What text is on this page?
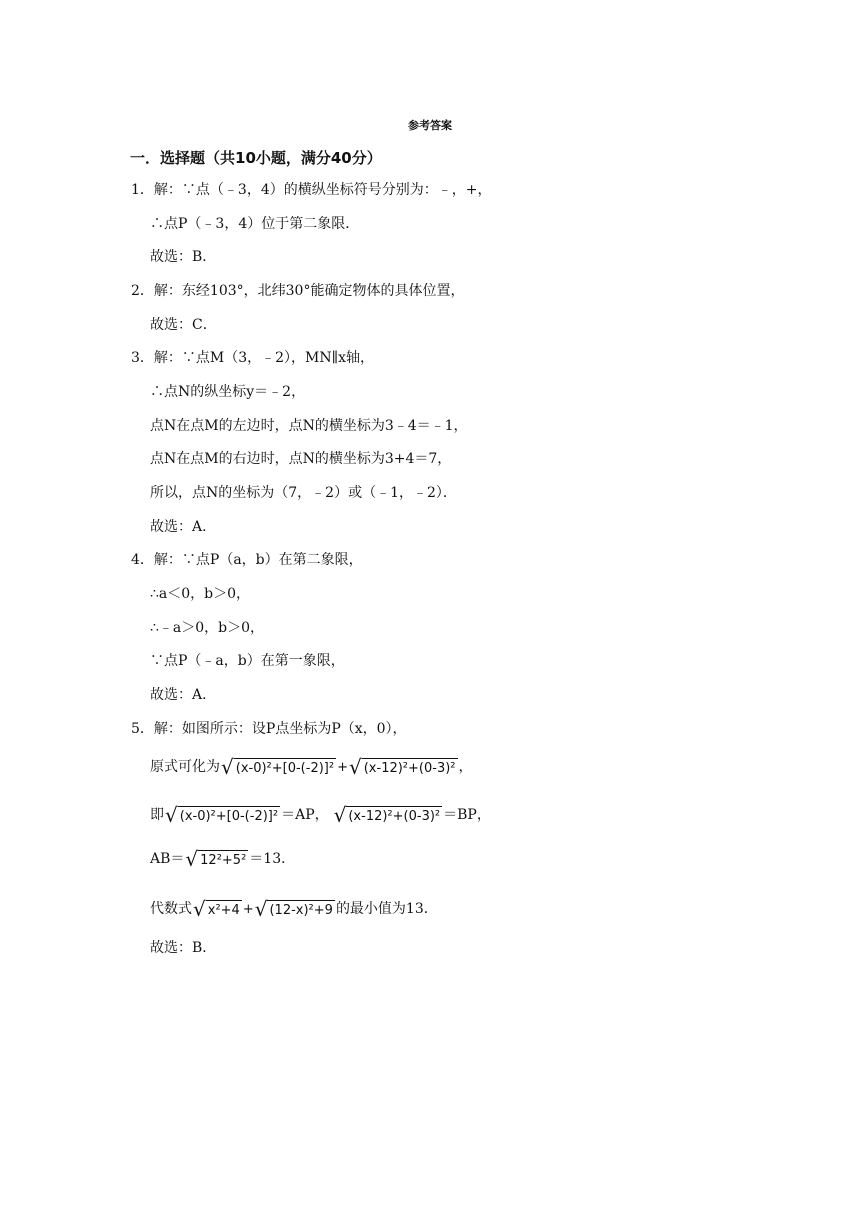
参考答案
一．选择题（共10小题，满分40分）
1．解：∵点（﹣3，4）的横纵坐标符号分别为：﹣，+，
∴点P（﹣3，4）位于第二象限．
故选：B．
2．解：东经103°，北纬30°能确定物体的具体位置，
故选：C．
3．解：∵点M（3，﹣2），MN∥x轴，
∴点N的纵坐标y＝﹣2，
点N在点M的左边时，点N的横坐标为3﹣4＝﹣1，
点N在点M的右边时，点N的横坐标为3+4＝7，
所以，点N的坐标为（7，﹣2）或（﹣1，﹣2）．
故选：A．
4．解：∵点P（a，b）在第二象限，
∴a＜0，b＞0，
∴﹣a＞0，b＞0，
∵点P（﹣a，b）在第一象限，
故选：A．
5．解：如图所示：设P点坐标为P（x，0），
原式可化为 √ (x-0)²+[0-(-2)]² + √ (x-12)²+(0-3)² ，
即 √ (x-0)²+[0-(-2)]² ＝AP， √ (x-12)²+(0-3)² ＝BP，
AB＝ √ 12²+5² ＝13．
代数式 √ x²+4 + √ (12-x)²+9 的最小值为13．
故选：B．
